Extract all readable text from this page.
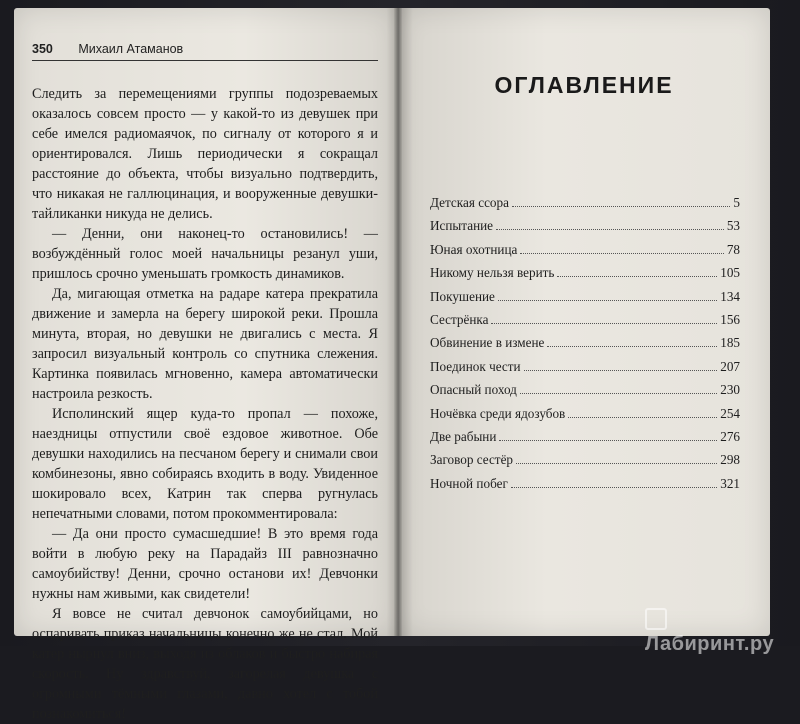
350 Михаил Атаманов

Следить за перемещениями группы подозреваемых оказалось совсем просто — у какой-то из девушек при себе имелся радиомаячок, по сигналу от которого я и ориентировался. Лишь периодически я сокращал расстояние до объекта, чтобы визуально подтвердить, что никакая не галлюцинация, и вооруженные девушки-тайликанки никуда не делись.

— Денни, они наконец-то остановились! — возбуждённый голос моей начальницы резанул уши, пришлось срочно уменьшать громкость динамиков.

Да, мигающая отметка на радаре катера прекратила движение и замерла на берегу широкой реки. Прошла минута, вторая, но девушки не двигались с места. Я запросил визуальный контроль со спутника слежения. Картинка появилась мгновенно, камера автоматически настроила резкость.

Исполинский ящер куда-то пропал — похоже, наездницы отпустили своё ездовое животное. Обе девушки находились на песчаном берегу и снимали свои комбинезоны, явно собираясь входить в воду. Увиденное шокировало всех, Катрин так сперва ругнулась непечатными словами, потом прокомментировала:

— Да они просто сумасшедшие! В это время года войти в любую реку на Парадайз III равнозначно самоубийству! Денни, срочно останови их! Девчонки нужны нам живыми, как свидетели!

Я вовсе не считал девчонок самоубийцами, но оспаривать приказ начальницы конечно же не стал. Мой катер нырнул вниз, выходя из облаков и быстро набирая скорость. Ну здравствуй, загорелая девушка с огромными тёмными глазами, давно хотел с тобой познакомиться!

ОГЛАВЛЕНИЕ
Детская ссора	5
Испытание	53
Юная охотница	78
Никому нельзя верить	105
Покушение	134
Сестрёнка	156
Обвинение в измене	185
Поединок чести	207
Опасный поход	230
Ночёвка среди ядозубов	254
Две рабыни	276
Заговор сестёр	298
Ночной побег	321
Лабиринт.ру
